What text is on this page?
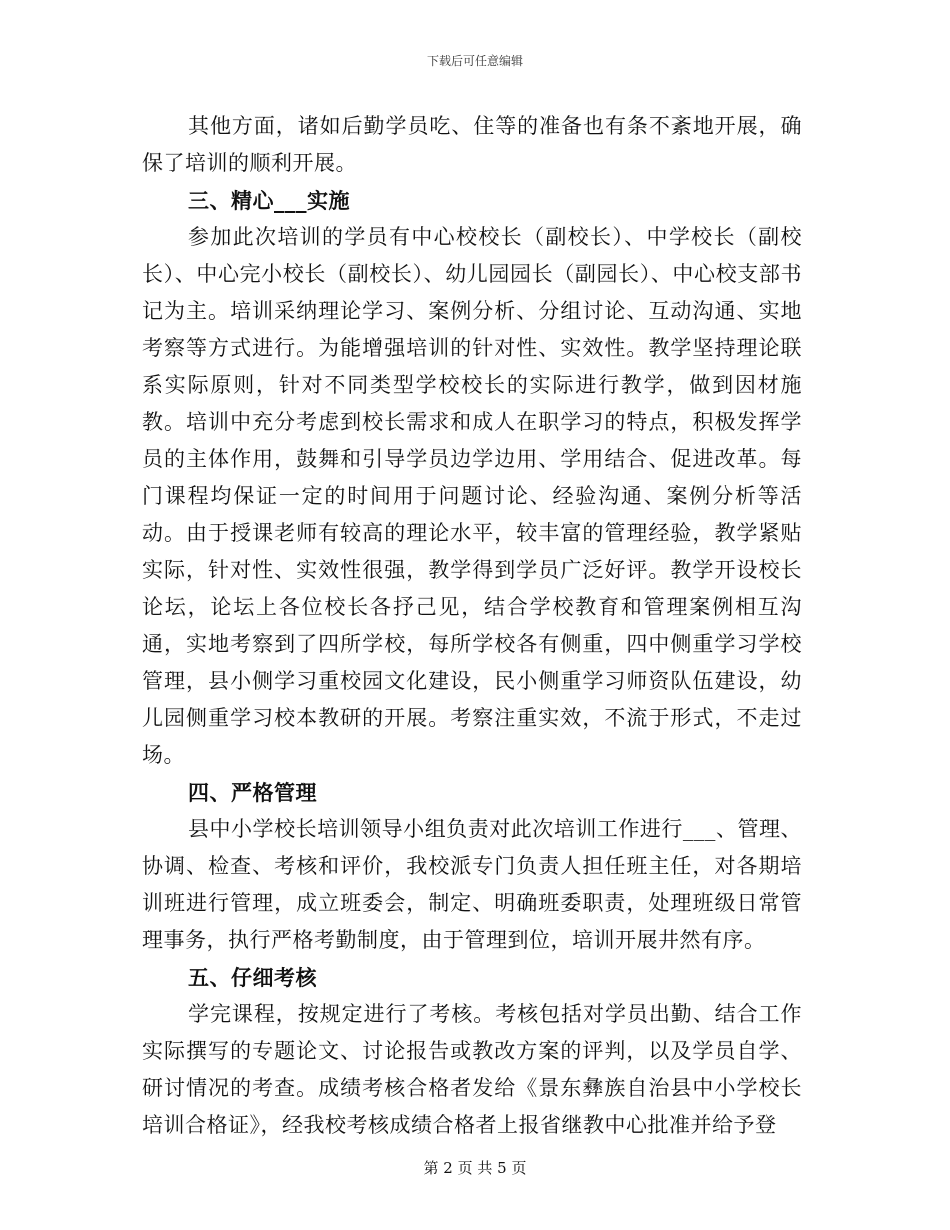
下载后可任意编辑

其他方面，诸如后勤学员吃、住等的准备也有条不紊地开展，确保了培训的顺利开展。

三、精心___实施

参加此次培训的学员有中心校校长（副校长）、中学校长（副校长）、中心完小校长（副校长）、幼儿园园长（副园长）、中心校支部书记为主。培训采纳理论学习、案例分析、分组讨论、互动沟通、实地考察等方式进行。为能增强培训的针对性、实效性。教学坚持理论联系实际原则，针对不同类型学校校长的实际进行教学，做到因材施教。培训中充分考虑到校长需求和成人在职学习的特点，积极发挥学员的主体作用，鼓舞和引导学员边学边用、学用结合、促进改革。每门课程均保证一定的时间用于问题讨论、经验沟通、案例分析等活动。由于授课老师有较高的理论水平，较丰富的管理经验，教学紧贴实际，针对性、实效性很强，教学得到学员广泛好评。教学开设校长论坛，论坛上各位校长各抒己见，结合学校教育和管理案例相互沟通，实地考察到了四所学校，每所学校各有侧重，四中侧重学习学校管理，县小侧学习重校园文化建设，民小侧重学习师资队伍建设，幼儿园侧重学习校本教研的开展。考察注重实效，不流于形式，不走过场。

四、严格管理

县中小学校长培训领导小组负责对此次培训工作进行___、管理、协调、检查、考核和评价，我校派专门负责人担任班主任，对各期培训班进行管理，成立班委会，制定、明确班委职责，处理班级日常管理事务，执行严格考勤制度，由于管理到位，培训开展井然有序。

五、仔细考核

学完课程，按规定进行了考核。考核包括对学员出勤、结合工作实际撰写的专题论文、讨论报告或教改方案的评判，以及学员自学、研讨情况的考查。成绩考核合格者发给《景东彝族自治县中小学校长培训合格证》，经我校考核成绩合格者上报省继教中心批准并给予登

第 2 页 共 5 页
